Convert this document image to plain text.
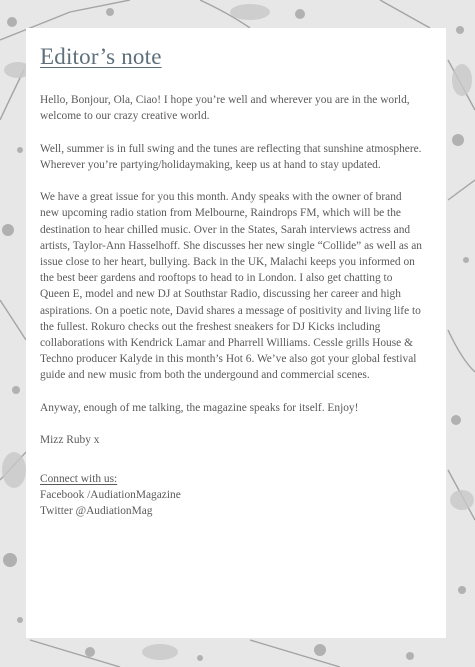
Editor’s note

Hello, Bonjour, Ola, Ciao! I hope you’re well and wherever you are in the world, welcome to our crazy creative world.

Well, summer is in full swing and the tunes are reflecting that sunshine atmosphere. Wherever you’re partying/holidaymaking, keep us at hand to stay updated.

We have a great issue for you this month. Andy speaks with the owner of brand new upcoming radio station from Melbourne, Raindrops FM, which will be the destination to hear chilled music. Over in the States, Sarah interviews actress and artists, Taylor-Ann Hasselhoff. She discusses her new single “Collide” as well as an issue close to her heart, bullying. Back in the UK, Malachi keeps you informed on the best beer gardens and rooftops to head to in London. I also get chatting to Queen E, model and new DJ at Southstar Radio, discussing her career and high aspirations. On a poetic note, David shares a message of positivity and living life to the fullest. Rokuro checks out the freshest sneakers for DJ Kicks including collaborations with Kendrick Lamar and Pharrell Williams. Cessle grills House & Techno producer Kalyde in this month’s Hot 6. We’ve also got your global festival guide and new music from both the undergound and commercial scenes.

Anyway, enough of me talking, the magazine speaks for itself. Enjoy!

Mizz Ruby x

Connect with us:
Facebook /AudiationMagazine
Twitter @AudiationMag
